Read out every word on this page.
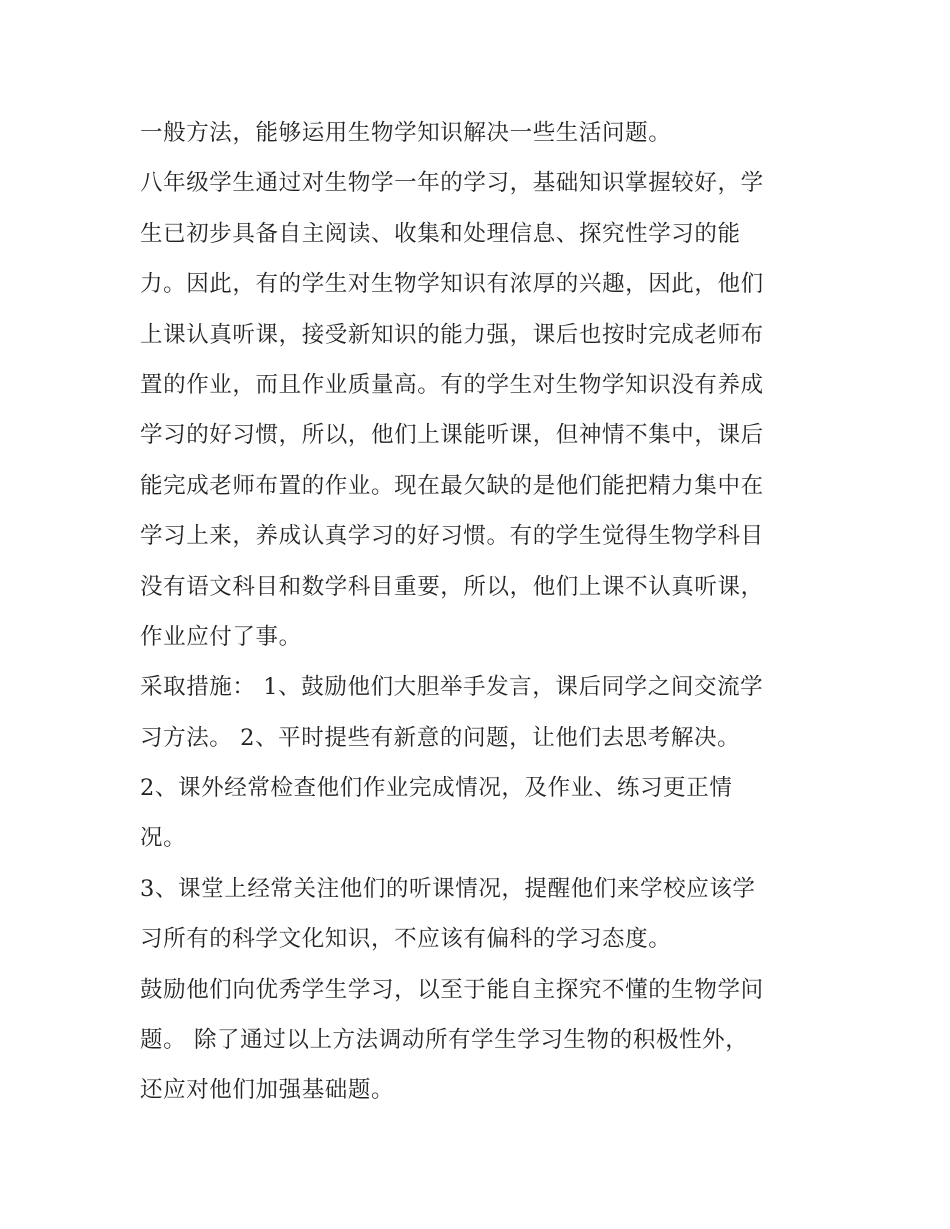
一般方法，能够运用生物学知识解决一些生活问题。
八年级学生通过对生物学一年的学习，基础知识掌握较好，学
生已初步具备自主阅读、收集和处理信息、探究性学习的能
力。因此，有的学生对生物学知识有浓厚的兴趣，因此，他们
上课认真听课，接受新知识的能力强，课后也按时完成老师布
置的作业，而且作业质量高。有的学生对生物学知识没有养成
学习的好习惯，所以，他们上课能听课，但神情不集中，课后
能完成老师布置的作业。现在最欠缺的是他们能把精力集中在
学习上来，养成认真学习的好习惯。有的学生觉得生物学科目
没有语文科目和数学科目重要，所以，他们上课不认真听课，
作业应付了事。
采取措施： 1、鼓励他们大胆举手发言，课后同学之间交流学
习方法。 2、平时提些有新意的问题，让他们去思考解决。
2、课外经常检查他们作业完成情况，及作业、练习更正情
况。
3、课堂上经常关注他们的听课情况，提醒他们来学校应该学
习所有的科学文化知识，不应该有偏科的学习态度。
鼓励他们向优秀学生学习，以至于能自主探究不懂的生物学问
题。 除了通过以上方法调动所有学生学习生物的积极性外，
还应对他们加强基础题。
